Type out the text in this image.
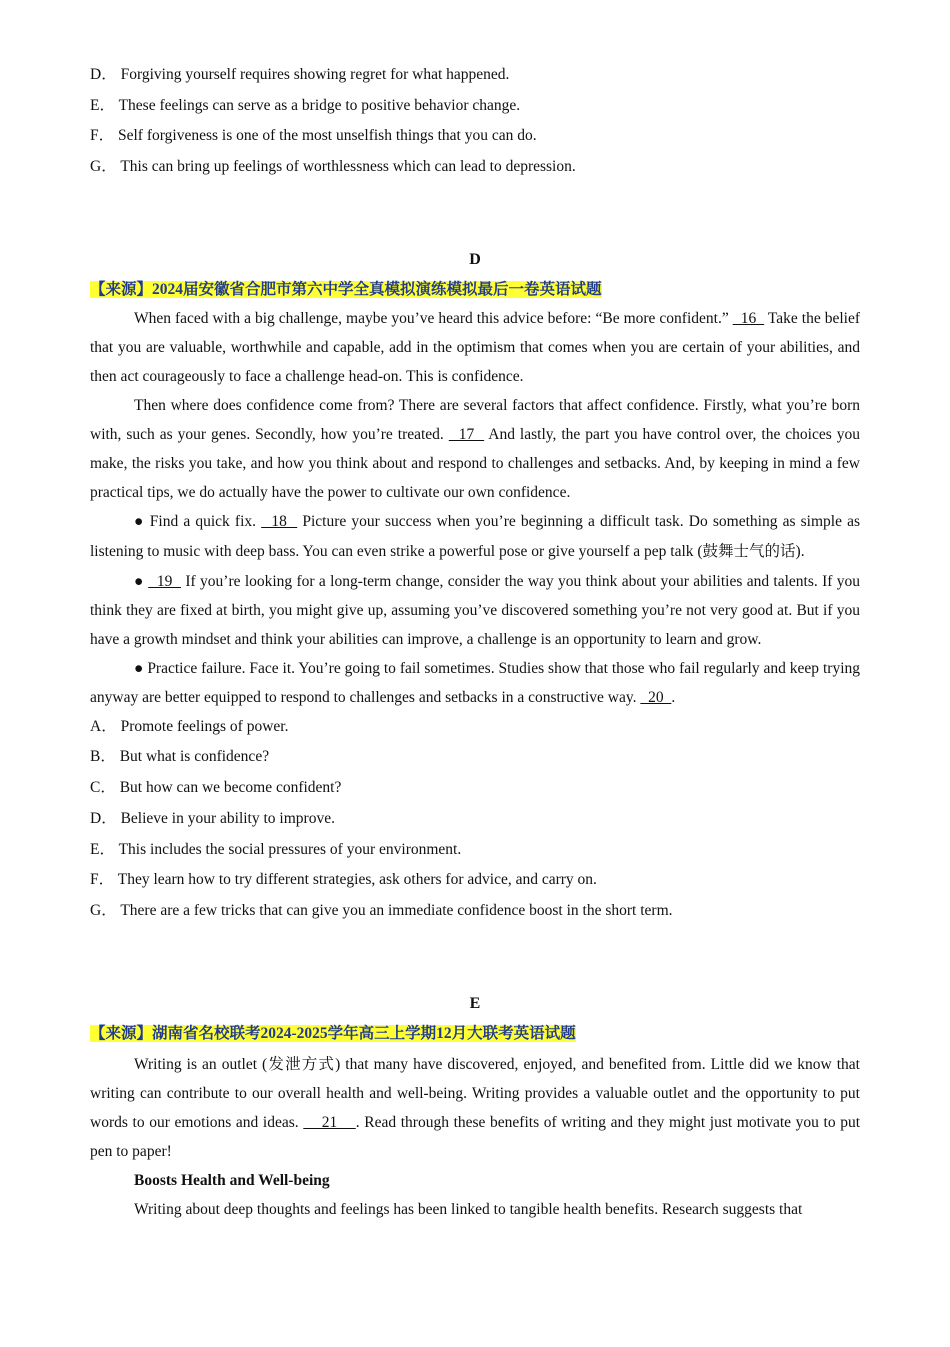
D． Forgiving yourself requires showing regret for what happened.

E． These feelings can serve as a bridge to positive behavior change.

F． Self forgiveness is one of the most unselfish things that you can do.

G． This can bring up feelings of worthlessness which can lead to depression.

D

【来源】2024届安徽省合肥市第六中学全真模拟演练模拟最后一卷英语试题

When faced with a big challenge, maybe you’ve heard this advice before: “Be more confident.”   16   Take the belief that you are valuable, worthwhile and capable, add in the optimism that comes when you are certain of your abilities, and then act courageously to face a challenge head-on. This is confidence.

Then where does confidence come from? There are several factors that affect confidence. Firstly, what you’re born with, such as your genes. Secondly, how you’re treated.   17   And lastly, the part you have control over, the choices you make, the risks you take, and how you think about and respond to challenges and setbacks. And, by keeping in mind a few practical tips, we do actually have the power to cultivate our own confidence.

● Find a quick fix.   18   Picture your success when you’re beginning a difficult task. Do something as simple as listening to music with deep bass. You can even strike a powerful pose or give yourself a pep talk (鼓舞士气的话).

●   19   If you’re looking for a long-term change, consider the way you think about your abilities and talents. If you think they are fixed at birth, you might give up, assuming you’ve discovered something you’re not very good at. But if you have a growth mindset and think your abilities can improve, a challenge is an opportunity to learn and grow.

● Practice failure. Face it. You’re going to fail sometimes. Studies show that those who fail regularly and keep trying anyway are better equipped to respond to challenges and setbacks in a constructive way.   20  .

A． Promote feelings of power.

B． But what is confidence?

C． But how can we become confident?

D． Believe in your ability to improve.

E． This includes the social pressures of your environment.

F． They learn how to try different strategies, ask others for advice, and carry on.

G． There are a few tricks that can give you an immediate confidence boost in the short term.

E

【来源】湖南省名校联考2024-2025学年高三上学期12月大联考英语试题

Writing is an outlet (发泄方式) that many have discovered, enjoyed, and benefited from. Little did we know that writing can contribute to our overall health and well-being. Writing provides a valuable outlet and the opportunity to put words to our emotions and ideas.     21    . Read through these benefits of writing and they might just motivate you to put pen to paper!

Boosts Health and Well-being

Writing about deep thoughts and feelings has been linked to tangible health benefits. Research suggests that
